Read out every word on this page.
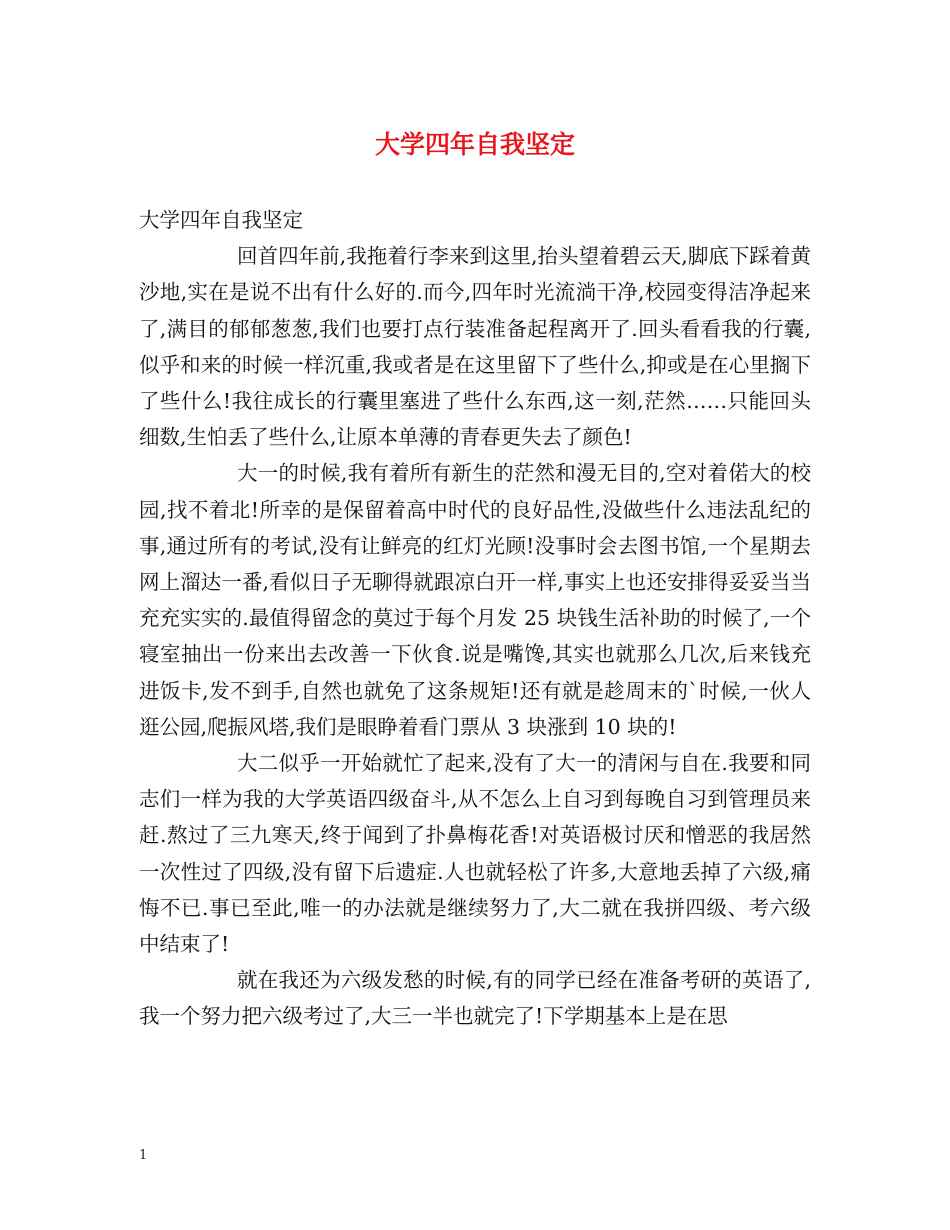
大学四年自我坚定

大学四年自我坚定

回首四年前,我拖着行李来到这里,抬头望着碧云天,脚底下踩着黄沙地,实在是说不出有什么好的.而今,四年时光流淌干净,校园变得洁净起来了,满目的郁郁葱葱,我们也要打点行装准备起程离开了.回头看看我的行囊,似乎和来的时候一样沉重,我或者是在这里留下了些什么,抑或是在心里搁下了些什么!我往成长的行囊里塞进了些什么东西,这一刻,茫然……只能回头细数,生怕丢了些什么,让原本单薄的青春更失去了颜色!

大一的时候,我有着所有新生的茫然和漫无目的,空对着偌大的校园,找不着北!所幸的是保留着高中时代的良好品性,没做些什么违法乱纪的事,通过所有的考试,没有让鲜亮的红灯光顾!没事时会去图书馆,一个星期去网上溜达一番,看似日子无聊得就跟凉白开一样,事实上也还安排得妥妥当当充充实实的.最值得留念的莫过于每个月发 25 块钱生活补助的时候了,一个寝室抽出一份来出去改善一下伙食.说是嘴馋,其实也就那么几次,后来钱充进饭卡,发不到手,自然也就免了这条规矩!还有就是趁周末的`时候,一伙人逛公园,爬振风塔,我们是眼睁着看门票从 3 块涨到 10 块的!

大二似乎一开始就忙了起来,没有了大一的清闲与自在.我要和同志们一样为我的大学英语四级奋斗,从不怎么上自习到每晚自习到管理员来赶.熬过了三九寒天,终于闻到了扑鼻梅花香!对英语极讨厌和憎恶的我居然一次性过了四级,没有留下后遗症.人也就轻松了许多,大意地丢掉了六级,痛悔不已.事已至此,唯一的办法就是继续努力了,大二就在我拼四级、考六级中结束了!

就在我还为六级发愁的时候,有的同学已经在准备考研的英语了,我一个努力把六级考过了,大三一半也就完了!下学期基本上是在思

1
